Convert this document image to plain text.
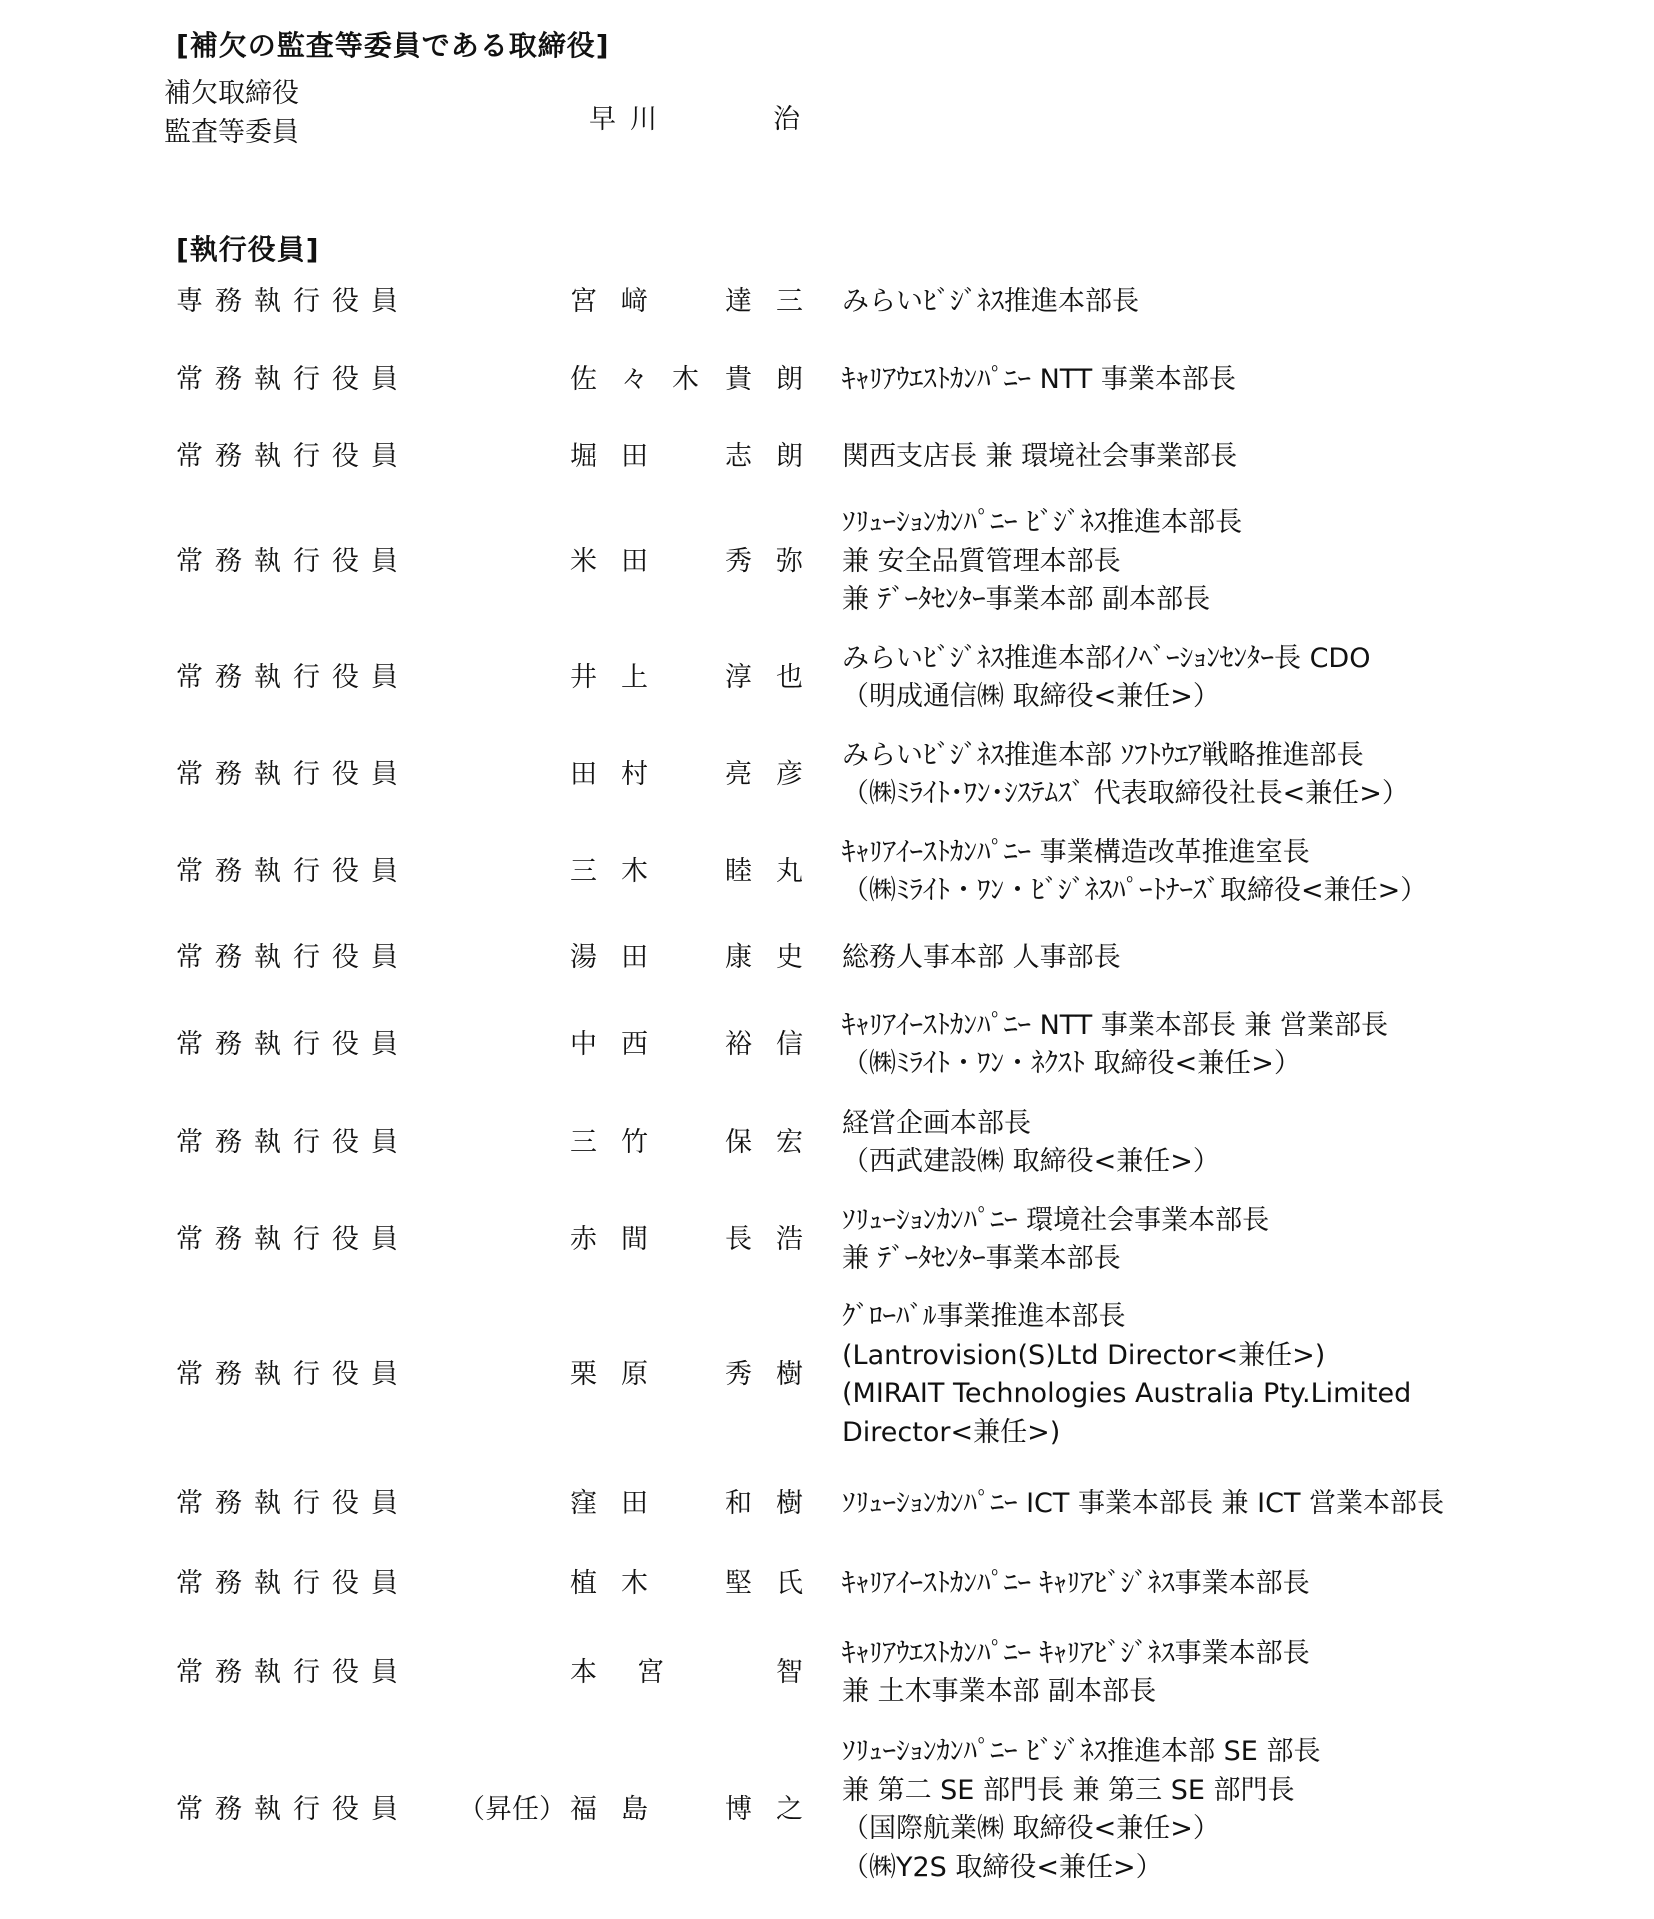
[補欠の監査等委員である取締役]
補欠取締役
監査等委員	早 川	治
[執行役員]
専務執行役員	宮 﨑	達 三 みらいﾋﾞｼﾞﾈｽ推進本部長
常務執行役員	佐 々 木 貴 朗 ｷｬﾘｱｳｴｽﾄｶﾝﾊﾟﾆｰ NTT 事業本部長
常務執行役員	堀 田	志 朗 関西支店長 兼 環境社会事業部長
常務執行役員	米 田	秀 弥
ｿﾘｭｰｼｮﾝｶﾝﾊﾟﾆｰ ﾋﾞｼﾞﾈｽ推進本部長
兼 安全品質管理本部長
兼 ﾃﾞｰﾀｾﾝﾀｰ事業本部 副本部長
常務執行役員	井 上	淳 也
みらいﾋﾞｼﾞﾈｽ推進本部ｲﾉﾍﾞｰｼｮﾝｾﾝﾀｰ長 CDO
（明成通信㈱ 取締役<兼任>）
常務執行役員	田 村	亮 彦
みらいﾋﾞｼﾞﾈｽ推進本部 ｿﾌﾄｳｴｱ戦略推進部長
（㈱ﾐﾗｲﾄ･ﾜﾝ･ｼｽﾃﾑｽﾞ 代表取締役社長<兼任>）
常務執行役員	三 木	睦 丸
ｷｬﾘｱｲｰｽﾄｶﾝﾊﾟﾆｰ 事業構造改革推進室長
（㈱ﾐﾗｲﾄ・ﾜﾝ・ﾋﾞｼﾞﾈｽﾊﾟｰﾄﾅｰｽﾞ取締役<兼任>）
常務執行役員	湯 田	康 史 総務人事本部 人事部長
常務執行役員	中 西	裕 信
ｷｬﾘｱｲｰｽﾄｶﾝﾊﾟﾆｰ NTT 事業本部長 兼 営業部長
（㈱ﾐﾗｲﾄ・ﾜﾝ・ﾈｸｽﾄ 取締役<兼任>）
常務執行役員	三 竹	保 宏
経営企画本部長
（西武建設㈱ 取締役<兼任>）
常務執行役員	赤 間	長 浩
ｿﾘｭｰｼｮﾝｶﾝﾊﾟﾆｰ 環境社会事業本部長
兼 ﾃﾞｰﾀｾﾝﾀｰ事業本部長
常務執行役員	栗 原	秀 樹
ｸﾞﾛｰﾊﾞﾙ事業推進本部長
(Lantrovision(S)Ltd Director<兼任>)
(MIRAIT Technologies Australia Pty.Limited
Director<兼任>)
常務執行役員	窪 田	和 樹 ｿﾘｭｰｼｮﾝｶﾝﾊﾟﾆｰ ICT 事業本部長 兼 ICT 営業本部長
常務執行役員	植 木	堅 氏 ｷｬﾘｱｲｰｽﾄｶﾝﾊﾟﾆｰ ｷｬﾘｱﾋﾞｼﾞﾈｽ事業本部長
常務執行役員	本 宮	智
ｷｬﾘｱｳｴｽﾄｶﾝﾊﾟﾆｰ ｷｬﾘｱﾋﾞｼﾞﾈｽ事業本部長
兼 土木事業本部 副本部長
常務執行役員 （昇任） 福 島	博 之
ｿﾘｭｰｼｮﾝｶﾝﾊﾟﾆｰ ﾋﾞｼﾞﾈｽ推進本部 SE 部長
兼 第二 SE 部門長 兼 第三 SE 部門長
（国際航業㈱ 取締役<兼任>）
（㈱Y2S 取締役<兼任>）
